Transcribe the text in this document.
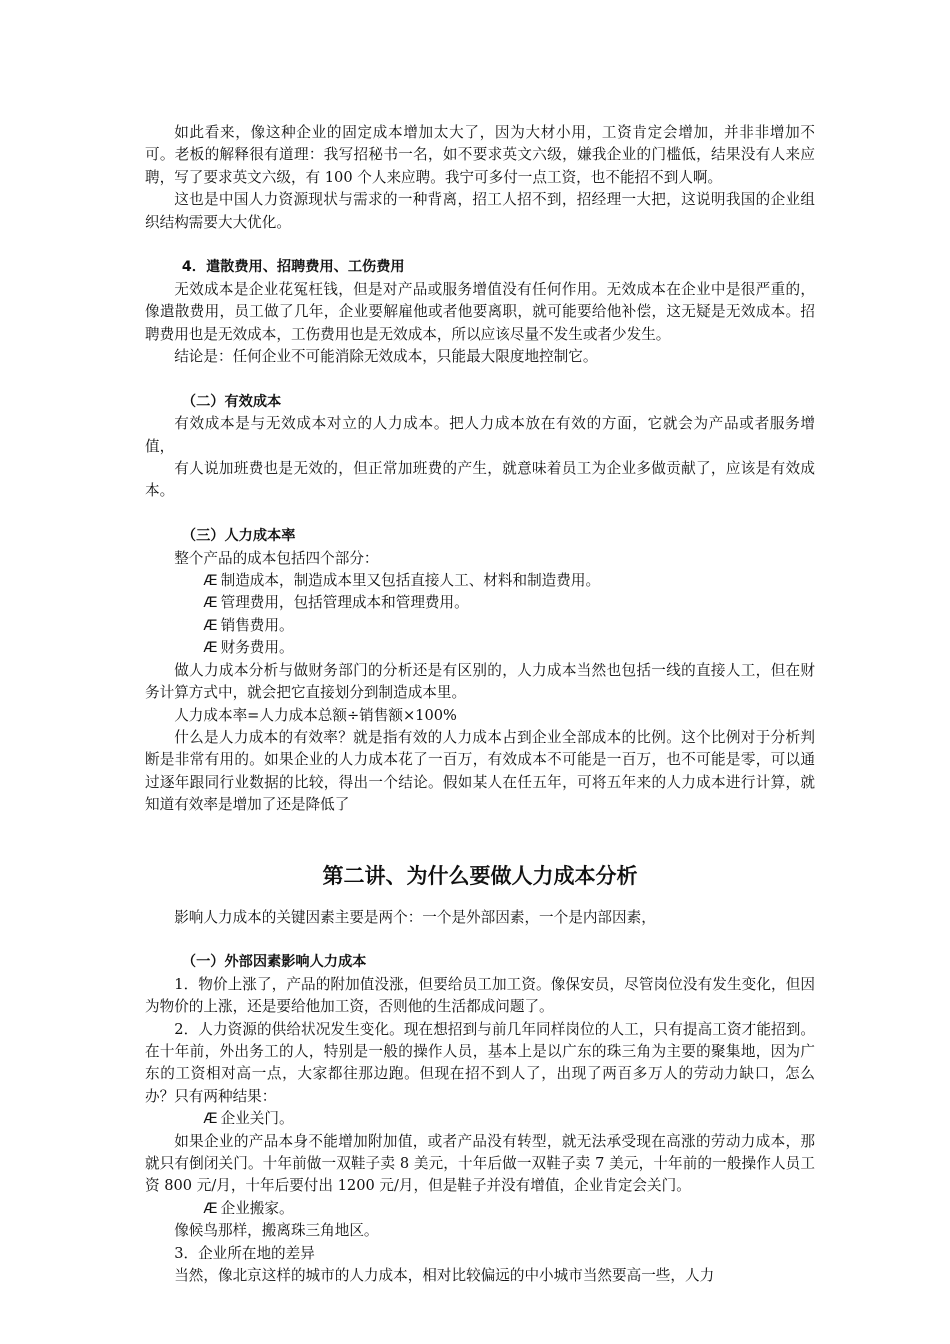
如此看来，像这种企业的固定成本增加太大了，因为大材小用，工资肯定会增加，并非非增加不可。老板的解释很有道理：我写招秘书一名，如不要求英文六级，嫌我企业的门槛低，结果没有人来应聘，写了要求英文六级，有 100 个人来应聘。我宁可多付一点工资，也不能招不到人啊。

这也是中国人力资源现状与需求的一种背离，招工人招不到，招经理一大把，这说明我国的企业组织结构需要大大优化。

4．遣散费用、招聘费用、工伤费用

无效成本是企业花冤枉钱，但是对产品或服务增值没有任何作用。无效成本在企业中是很严重的，像遣散费用，员工做了几年，企业要解雇他或者他要离职，就可能要给他补偿，这无疑是无效成本。招聘费用也是无效成本，工伤费用也是无效成本，所以应该尽量不发生或者少发生。

结论是：任何企业不可能消除无效成本，只能最大限度地控制它。

（二）有效成本

有效成本是与无效成本对立的人力成本。把人力成本放在有效的方面，它就会为产品或者服务增值，

有人说加班费也是无效的，但正常加班费的产生，就意味着员工为企业多做贡献了，应该是有效成本。

（三）人力成本率

整个产品的成本包括四个部分：

Æ 制造成本，制造成本里又包括直接人工、材料和制造费用。

Æ 管理费用，包括管理成本和管理费用。

Æ 销售费用。

Æ 财务费用。

做人力成本分析与做财务部门的分析还是有区别的，人力成本当然也包括一线的直接人工，但在财务计算方式中，就会把它直接划分到制造成本里。

人力成本率=人力成本总额÷销售额×100%

什么是人力成本的有效率？就是指有效的人力成本占到企业全部成本的比例。这个比例对于分析判断是非常有用的。如果企业的人力成本花了一百万，有效成本不可能是一百万，也不可能是零，可以通过逐年跟同行业数据的比较，得出一个结论。假如某人在任五年，可将五年来的人力成本进行计算，就知道有效率是增加了还是降低了

第二讲、为什么要做人力成本分析

影响人力成本的关键因素主要是两个：一个是外部因素，一个是内部因素，

（一）外部因素影响人力成本

1．物价上涨了，产品的附加值没涨，但要给员工加工资。像保安员，尽管岗位没有发生变化，但因为物价的上涨，还是要给他加工资，否则他的生活都成问题了。

2．人力资源的供给状况发生变化。现在想招到与前几年同样岗位的人工，只有提高工资才能招到。在十年前，外出务工的人，特别是一般的操作人员，基本上是以广东的珠三角为主要的聚集地，因为广东的工资相对高一点，大家都往那边跑。但现在招不到人了，出现了两百多万人的劳动力缺口，怎么办？只有两种结果：

Æ 企业关门。

如果企业的产品本身不能增加附加值，或者产品没有转型，就无法承受现在高涨的劳动力成本，那就只有倒闭关门。十年前做一双鞋子卖 8 美元，十年后做一双鞋子卖 7 美元，十年前的一般操作人员工资 800 元/月，十年后要付出 1200 元/月，但是鞋子并没有增值，企业肯定会关门。

Æ 企业搬家。

像候鸟那样，搬离珠三角地区。

3．企业所在地的差异

当然，像北京这样的城市的人力成本，相对比较偏远的中小城市当然要高一些，人力
